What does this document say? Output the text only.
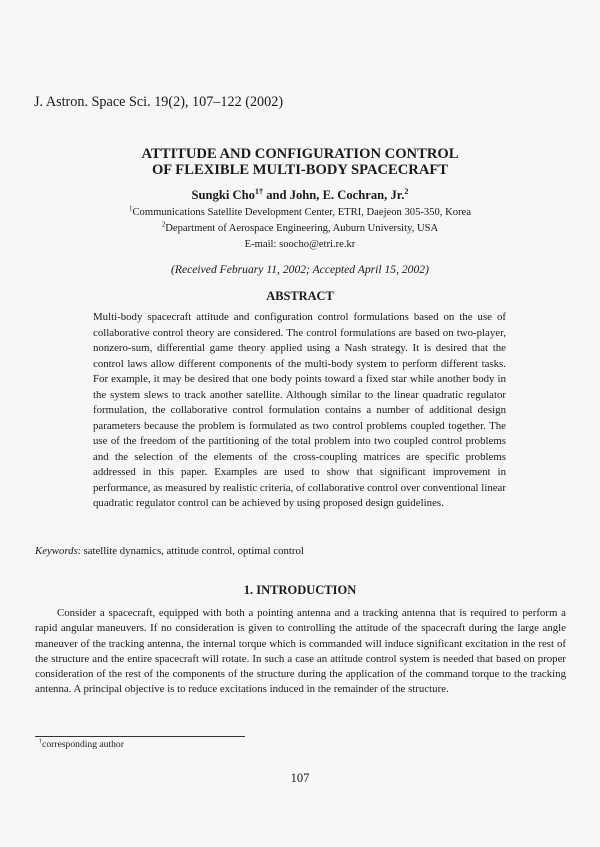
J. Astron. Space Sci. 19(2), 107–122 (2002)
ATTITUDE AND CONFIGURATION CONTROL
OF FLEXIBLE MULTI-BODY SPACECRAFT
Sungki Cho$^{1\dagger}$ and John, E. Cochran, Jr.$^2$
$^1$Communications Satellite Development Center, ETRI, Daejeon 305-350, Korea
$^2$Department of Aerospace Engineering, Auburn University, USA
E-mail: soocho@etri.re.kr
(Received February 11, 2002; Accepted April 15, 2002)
ABSTRACT
Multi-body spacecraft attitude and configuration control formulations based on the use of collaborative control theory are considered. The control formulations are based on two-player, nonzero-sum, differential game theory applied using a Nash strategy. It is desired that the control laws allow different components of the multi-body system to perform different tasks. For example, it may be desired that one body points toward a fixed star while another body in the system slews to track another satellite. Although similar to the linear quadratic regulator formulation, the collaborative control formulation contains a number of additional design parameters because the problem is formulated as two control problems coupled together. The use of the freedom of the partitioning of the total problem into two coupled control problems and the selection of the elements of the cross-coupling matrices are specific problems addressed in this paper. Examples are used to show that significant improvement in performance, as measured by realistic criteria, of collaborative control over conventional linear quadratic regulator control can be achieved by using proposed design guidelines.
Keywords: satellite dynamics, attitude control, optimal control
1. INTRODUCTION
Consider a spacecraft, equipped with both a pointing antenna and a tracking antenna that is required to perform a rapid angular maneuvers. If no consideration is given to controlling the attitude of the spacecraft during the large angle maneuver of the tracking antenna, the internal torque which is commanded will induce significant excitation in the rest of the structure and the entire spacecraft will rotate. In such a case an attitude control system is needed that based on proper consideration of the rest of the components of the structure during the application of the command torque to the tracking antenna. A principal objective is to reduce excitations induced in the remainder of the structure.
†corresponding author
107
